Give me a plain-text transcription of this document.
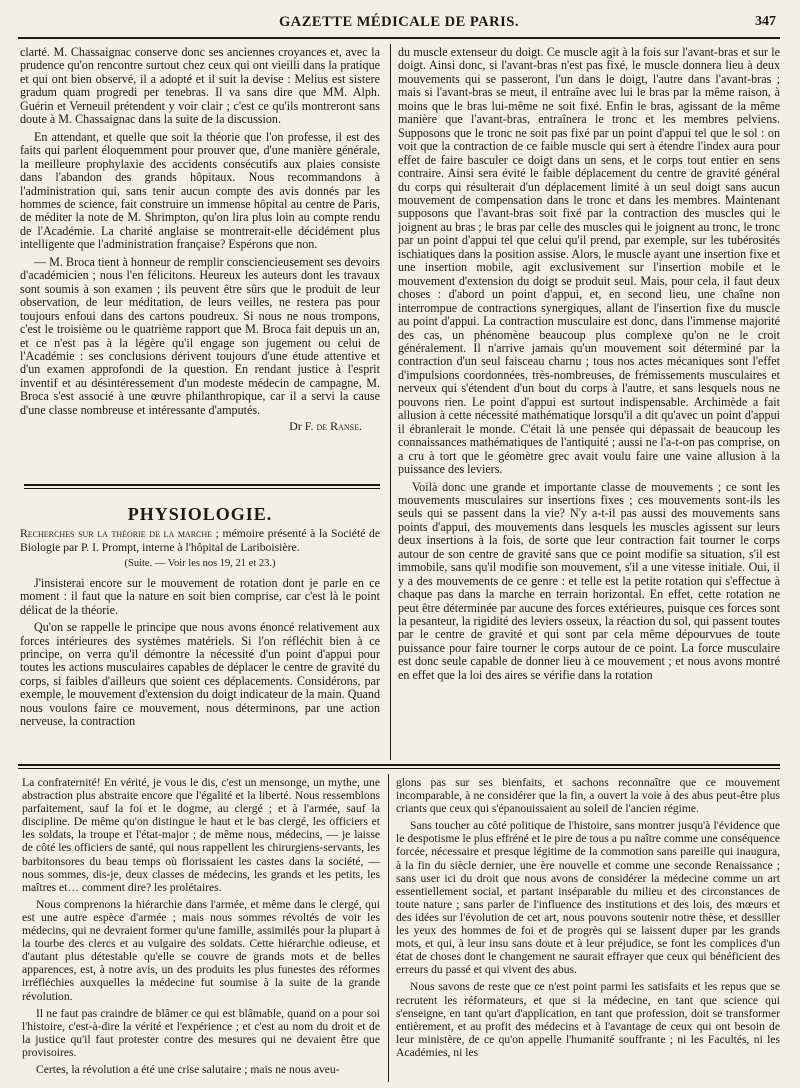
GAZETTE MÉDICALE DE PARIS.	347

clarté. M. Chassaignac conserve donc ses anciennes croyances et, avec la prudence qu'on rencontre surtout chez ceux qui ont vieilli dans la pratique et qui ont bien observé, il a adopté et il suit la devise : Melius est sistere gradum quam progredi per tenebras. Il va sans dire que MM. Alph. Guérin et Verneuil prétendent y voir clair ; c'est ce qu'ils montreront sans doute à M. Chassaignac dans la suite de la discussion.

En attendant, et quelle que soit la théorie que l'on professe, il est des faits qui parlent éloquemment pour prouver que, d'une manière générale, la meilleure prophylaxie des accidents consécutifs aux plaies consiste dans l'abandon des grands hôpitaux. Nous recommandons à l'administration qui, sans tenir aucun compte des avis donnés par les hommes de science, fait construire un immense hôpital au centre de Paris, de méditer la note de M. Shrimpton, qu'on lira plus loin au compte rendu de l'Académie. La charité anglaise se montrerait-elle décidément plus intelligente que l'administration française? Espérons que non.

— M. Broca tient à honneur de remplir consciencieusement ses devoirs d'académicien ; nous l'en félicitons. Heureux les auteurs dont les travaux sont soumis à son examen ; ils peuvent être sûrs que le produit de leur observation, de leur méditation, de leurs veilles, ne restera pas pour toujours enfoui dans des cartons poudreux. Si nous ne nous trompons, c'est le troisième ou le quatrième rapport que M. Broca fait depuis un an, et ce n'est pas à la légère qu'il engage son jugement ou celui de l'Académie : ses conclusions dérivent toujours d'une étude attentive et d'un examen approfondi de la question. En rendant justice à l'esprit inventif et au désintéressement d'un modeste médecin de campagne, M. Broca s'est associé à une œuvre philanthropique, car il a servi la cause d'une classe nombreuse et intéressante d'amputés.

Dr F. de Ranse.
PHYSIOLOGIE.

Recherches sur la théorie de la marche ; mémoire présenté à la Société de Biologie par P. I. Prompt, interne à l'hôpital de Lariboisière.

(Suite. — Voir les nos 19, 21 et 23.)

J'insisterai encore sur le mouvement de rotation dont je parle en ce moment : il faut que la nature en soit bien comprise, car c'est là le point délicat de la théorie.

Qu'on se rappelle le principe que nous avons énoncé relativement aux forces intérieures des systèmes matériels. Si l'on réfléchit bien à ce principe, on verra qu'il démontre la nécessité d'un point d'appui pour toutes les actions musculaires capables de déplacer le centre de gravité du corps, si faibles d'ailleurs que soient ces déplacements. Considérons, par exemple, le mouvement d'extension du doigt indicateur de la main. Quand nous voulons faire ce mouvement, nous déterminons, par une action nerveuse, la contraction

du muscle extenseur du doigt. Ce muscle agit à la fois sur l'avant-bras et sur le doigt. Ainsi donc, si l'avant-bras n'est pas fixé, le muscle donnera lieu à deux mouvements qui se passeront, l'un dans le doigt, l'autre dans l'avant-bras ; mais si l'avant-bras se meut, il entraîne avec lui le bras par la même raison, à moins que le bras lui-même ne soit fixé. Enfin le bras, agissant de la même manière que l'avant-bras, entraînera le tronc et les membres pelviens. Supposons que le tronc ne soit pas fixé par un point d'appui tel que le sol : on voit que la contraction de ce faible muscle qui sert à étendre l'index aura pour effet de faire basculer ce doigt dans un sens, et le corps tout entier en sens contraire. Ainsi sera évité le faible déplacement du centre de gravité général du corps qui résulterait d'un déplacement limité à un seul doigt sans aucun mouvement de compensation dans le tronc et dans les membres. Maintenant supposons que l'avant-bras soit fixé par la contraction des muscles qui le joignent au bras ; le bras par celle des muscles qui le joignent au tronc, le tronc par un point d'appui tel que celui qu'il prend, par exemple, sur les tubérosités ischiatiques dans la position assise. Alors, le muscle ayant une insertion fixe et une insertion mobile, agit exclusivement sur l'insertion mobile et le mouvement d'extension du doigt se produit seul. Mais, pour cela, il faut deux choses : d'abord un point d'appui, et, en second lieu, une chaîne non interrompue de contractions synergiques, allant de l'insertion fixe du muscle au point d'appui. La contraction musculaire est donc, dans l'immense majorité des cas, un phénomène beaucoup plus complexe qu'on ne le croit généralement. Il n'arrive jamais qu'un mouvement soit déterminé par la contraction d'un seul faisceau charnu ; tous nos actes mécaniques sont l'effet d'impulsions coordonnées, très-nombreuses, de frémissements musculaires et nerveux qui s'étendent d'un bout du corps à l'autre, et sans lesquels nous ne pouvons rien. Le point d'appui est surtout indispensable. Archimède a fait allusion à cette nécessité mathématique lorsqu'il a dit qu'avec un point d'appui il ébranlerait le monde. C'était là une pensée qui dépassait de beaucoup les connaissances mathématiques de l'antiquité ; aussi ne l'a-t-on pas comprise, on a cru à tort que le géomètre grec avait voulu faire une vaine allusion à la puissance des leviers.

Voilà donc une grande et importante classe de mouvements ; ce sont les mouvements musculaires sur insertions fixes ; ces mouvements sont-ils les seuls qui se passent dans la vie? N'y a-t-il pas aussi des mouvements sans points d'appui, des mouvements dans lesquels les muscles agissent sur leurs deux insertions à la fois, de sorte que leur contraction fait tourner le corps autour de son centre de gravité sans que ce point modifie sa situation, s'il est immobile, sans qu'il modifie son mouvement, s'il a une vitesse initiale. Oui, il y a des mouvements de ce genre : et telle est la petite rotation qui s'effectue à chaque pas dans la marche en terrain horizontal. En effet, cette rotation ne peut être déterminée par aucune des forces extérieures, puisque ces forces sont la pesanteur, la rigidité des leviers osseux, la réaction du sol, qui passent toutes par le centre de gravité et qui sont par cela même dépourvues de toute puissance pour faire tourner le corps autour de ce point. La force musculaire est donc seule capable de donner lieu à ce mouvement ; et nous avons montré en effet que la loi des aires se vérifie dans la rotation

La confraternité! En vérité, je vous le dis, c'est un mensonge, un mythe, une abstraction plus abstraite encore que l'égalité et la liberté. Nous ressemblons parfaitement, sauf la foi et le dogme, au clergé ; et à l'armée, sauf la discipline. De même qu'on distingue le haut et le bas clergé, les officiers et les soldats, la troupe et l'état-major ; de même nous, médecins, — je laisse de côté les officiers de santé, qui nous rappellent les chirurgiens-servants, les barbitonsores du beau temps où florissaient les castes dans la société, — nous sommes, dis-je, deux classes de médecins, les grands et les petits, les maîtres et… comment dire? les prolétaires.

Nous comprenons la hiérarchie dans l'armée, et même dans le clergé, qui est une autre espèce d'armée ; mais nous sommes révoltés de voir les médecins, qui ne devraient former qu'une famille, assimilés pour la plupart à la tourbe des clercs et au vulgaire des soldats. Cette hiérarchie odieuse, et d'autant plus détestable qu'elle se couvre de grands mots et de belles apparences, est, à notre avis, un des produits les plus funestes des réformes irréfléchies auxquelles la médecine fut soumise à la suite de la grande révolution.

Il ne faut pas craindre de blâmer ce qui est blâmable, quand on a pour soi l'histoire, c'est-à-dire la vérité et l'expérience ; et c'est au nom du droit et de la justice qu'il faut protester contre des mesures qui ne devaient être que provisoires.

Certes, la révolution a été une crise salutaire ; mais ne nous aveu-

glons pas sur ses bienfaits, et sachons reconnaître que ce mouvement incomparable, à ne considérer que la fin, a ouvert la voie à des abus peut-être plus criants que ceux qui s'épanouissaient au soleil de l'ancien régime.

Sans toucher au côté politique de l'histoire, sans montrer jusqu'à l'évidence que le despotisme le plus effréné et le pire de tous a pu naître comme une conséquence forcée, nécessaire et presque légitime de la commotion sans pareille qui inaugura, à la fin du siècle dernier, une ère nouvelle et comme une seconde Renaissance ; sans user ici du droit que nous avons de considérer la médecine comme un art essentiellement social, et partant inséparable du milieu et des circonstances de toute nature ; sans parler de l'influence des institutions et des lois, des mœurs et des idées sur l'évolution de cet art, nous pouvons soutenir notre thèse, et dessiller les yeux des hommes de foi et de progrès qui se laissent duper par les grands mots, et qui, à leur insu sans doute et à leur préjudice, se font les complices d'un état de choses dont le changement ne saurait effrayer que ceux qui bénéficient des erreurs du passé et qui vivent des abus.

Nous savons de reste que ce n'est point parmi les satisfaits et les repus que se recrutent les réformateurs, et que si la médecine, en tant que science qui s'enseigne, en tant qu'art d'application, en tant que profession, doit se transformer entièrement, et au profit des médecins et à l'avantage de ceux qui ont besoin de leur ministère, de ce qu'on appelle l'humanité souffrante ; ni les Facultés, ni les Académies, ni les
